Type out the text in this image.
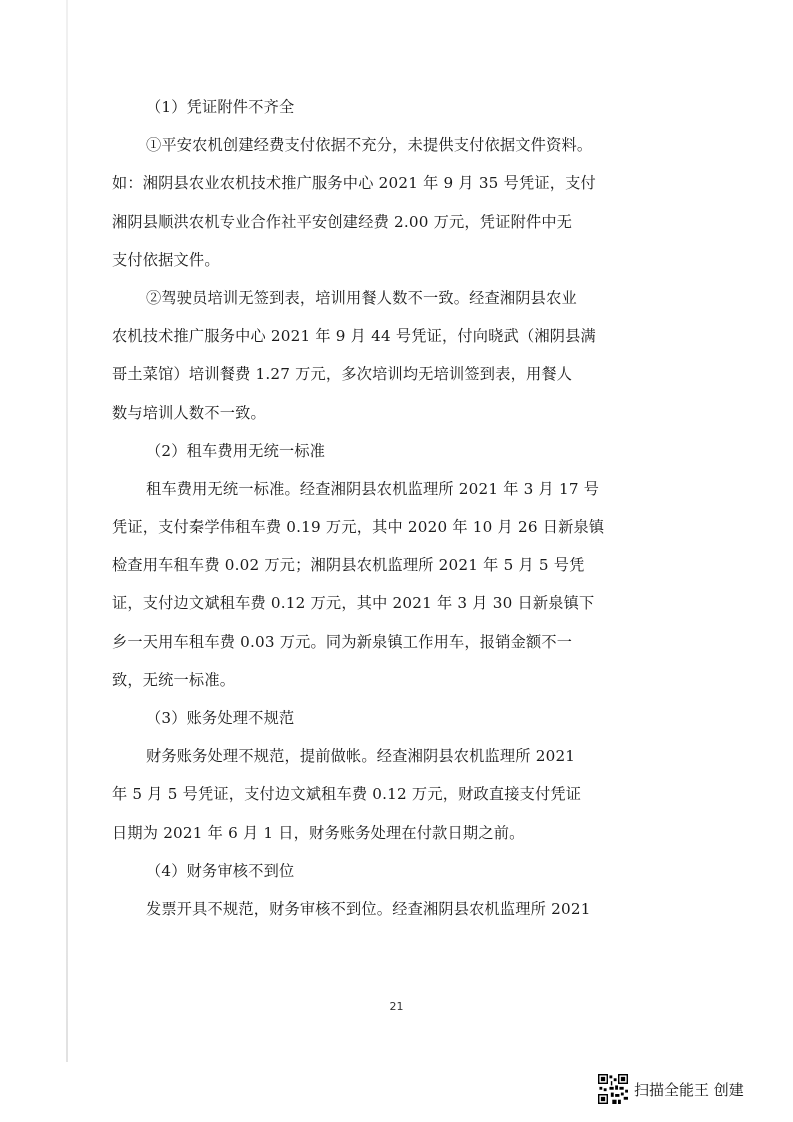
（1）凭证附件不齐全
①平安农机创建经费支付依据不充分，未提供支付依据文件资料。
如：湘阴县农业农机技术推广服务中心 2021 年 9 月 35 号凭证，支付
湘阴县顺洪农机专业合作社平安创建经费 2.00 万元，凭证附件中无
支付依据文件。
②驾驶员培训无签到表，培训用餐人数不一致。经查湘阴县农业
农机技术推广服务中心 2021 年 9 月 44 号凭证，付向晓武（湘阴县满
哥土菜馆）培训餐费 1.27 万元，多次培训均无培训签到表，用餐人
数与培训人数不一致。
（2）租车费用无统一标准
租车费用无统一标准。经查湘阴县农机监理所 2021 年 3 月 17 号
凭证，支付秦学伟租车费 0.19 万元，其中 2020 年 10 月 26 日新泉镇
检查用车租车费 0.02 万元；湘阴县农机监理所 2021 年 5 月 5 号凭
证，支付边文斌租车费 0.12 万元，其中 2021 年 3 月 30 日新泉镇下
乡一天用车租车费 0.03 万元。同为新泉镇工作用车，报销金额不一
致，无统一标准。
（3）账务处理不规范
财务账务处理不规范，提前做帐。经查湘阴县农机监理所 2021
年 5 月 5 号凭证，支付边文斌租车费 0.12 万元，财政直接支付凭证
日期为 2021 年 6 月 1 日，财务账务处理在付款日期之前。
（4）财务审核不到位
发票开具不规范，财务审核不到位。经查湘阴县农机监理所 2021
21
扫描全能王 创建
